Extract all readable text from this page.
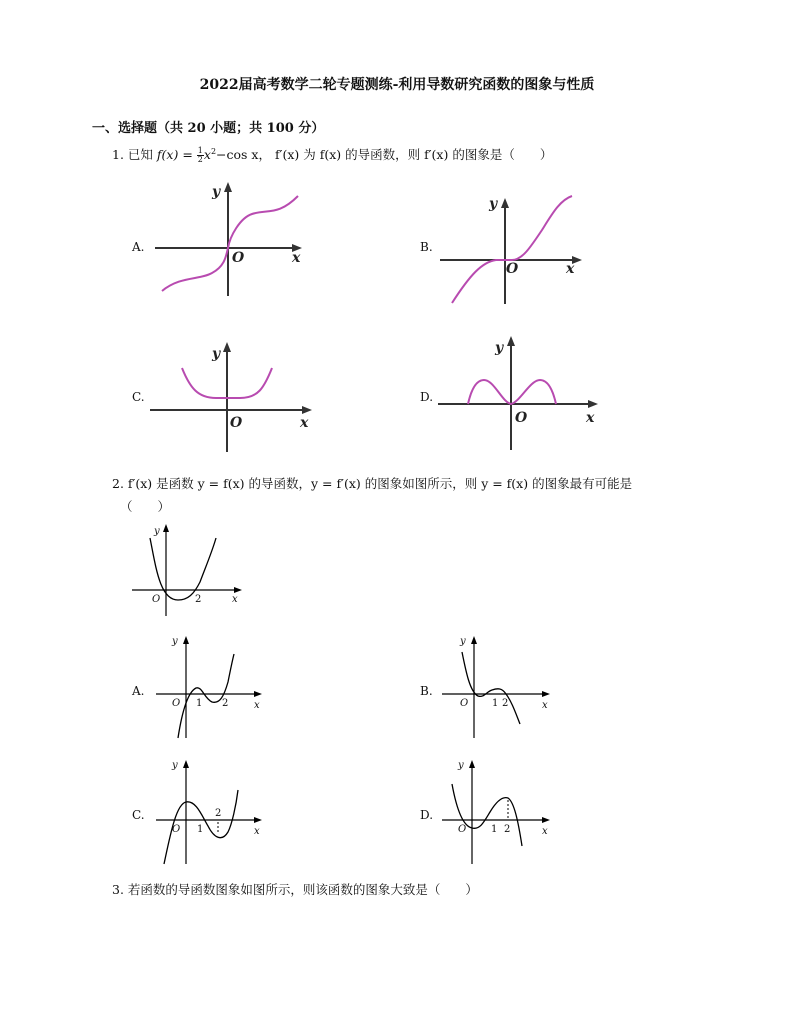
2022届高考数学二轮专题测练-利用导数研究函数的图象与性质
一、选择题（共 20 小题；共 100 分）
1. 已知 $f(x) = \frac{1}{2} x^2-\cos$ x， f′(x) 为 f(x) 的导函数，则 f′(x) 的图象是（　　）
A.	B.
C.	D.
y
x
O
y
x
O
y
x
O
y
x
O
2. f′(x) 是函数 y = f(x) 的导函数，y = f′(x) 的图象如图所示，则 y = f(x) 的图象最有可能是
（　　）
y
x
O	2
A.	B.
C.	D.
y
x
O 1 2
y
x
O 1 2
y
x
O 1
2
y
x
O 1 2
3. 若函数的导函数图象如图所示，则该函数的图象大致是（　　）
